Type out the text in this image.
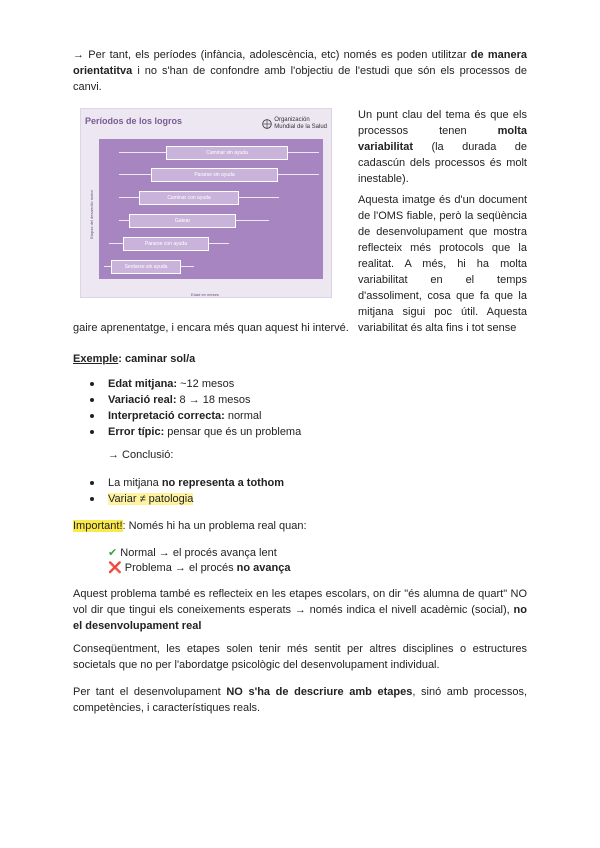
→ Per tant, els períodes (infància, adolescència, etc) només es poden utilitzar de manera orientatitva i no s'han de confondre amb l'objectiu de l'estudi que són els processos de canvi.

Períodos de los logros	Organización
Mundial de la Salud
Etapas del desarrollo motor
Caminar sin ayuda
Pararse sin ayuda
Caminar con ayuda
Gatear
Pararse con ayuda
Sentarse sin ayuda
Edad en meses

Un punt clau del tema és que els processos tenen molta variabilitat (la durada de cadascún dels processos és molt inestable).

Aquesta imatge és d'un document de l'OMS fiable, però la seqüència de desenvolupament que mostra reflecteix més protocols que la realitat. A més, hi ha molta variabilitat en el temps d'assoliment, cosa que fa que la mitjana sigui poc útil. Aquesta variabilitat és alta fins i tot sense

gaire aprenentatge, i encara més quan aquest hi intervé.

Exemple: caminar sol/a

Edat mitjana: ~12 mesos

Variació real: 8 → 18 mesos

Interpretació correcta: normal

Error típic: pensar que és un problema

→ Conclusió:

La mitjana no representa a tothom

Variar ≠ patologia

Important!: Només hi ha un problema real quan:

✔ Normal → el procés avança lent

❌ Problema → el procés no avança

Aquest problema també es reflecteix en les etapes escolars, on dir "és alumna de quart" NO vol dir que tingui els coneixements esperats → només indica el nivell acadèmic (social), no el desenvolupament real

Conseqüentment, les etapes solen tenir més sentit per altres disciplines o estructures societals que no per l'abordatge psicològic del desenvolupament individual.

Per tant el desenvolupament NO s'ha de descriure amb etapes, sinó amb processos, competències, i característiques reals.
